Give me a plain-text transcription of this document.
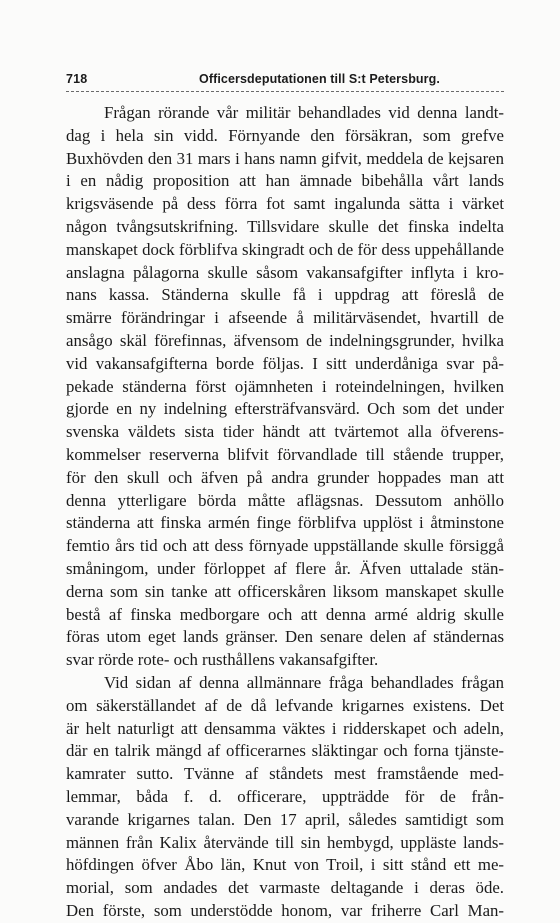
718	Officersdeputationen till S:t Petersburg.
Frågan rörande vår militär behandlades vid denna landt-
dag i hela sin vidd. Förnyande den försäkran, som grefve
Buxhövden den 31 mars i hans namn gifvit, meddela de kejsaren
i en nådig proposition att han ämnade bibehålla vårt lands
krigsväsende på dess förra fot samt ingalunda sätta i värket
någon tvångsutskrifning. Tillsvidare skulle det finska indelta
manskapet dock förblifva skingradt och de för dess uppehållande
anslagna pålagorna skulle såsom vakansafgifter inflyta i kro-
nans kassa. Ständerna skulle få i uppdrag att föreslå de
smärre förändringar i afseende å militärväsendet, hvartill de
ansågo skäl förefinnas, äfvensom de indelningsgrunder, hvilka
vid vakansafgifterna borde följas. I sitt underdåniga svar på-
pekade ständerna först ojämnheten i roteindelningen, hvilken
gjorde en ny indelning eftersträfvansvärd. Och som det under
svenska väldets sista tider händt att tvärtemot alla öfverens-
kommelser reserverna blifvit förvandlade till stående trupper,
för den skull och äfven på andra grunder hoppades man att
denna ytterligare börda måtte aflägsnas. Dessutom anhöllo
ständerna att finska armén finge förblifva upplöst i åtminstone
femtio års tid och att dess förnyade uppställande skulle försiggå
småningom, under förloppet af flere år. Äfven uttalade stän-
derna som sin tanke att officerskåren liksom manskapet skulle
bestå af finska medborgare och att denna armé aldrig skulle
föras utom eget lands gränser. Den senare delen af ständernas
svar rörde rote- och rusthållens vakansafgifter.
Vid sidan af denna allmännare fråga behandlades frågan
om säkerställandet af de då lefvande krigarnes existens. Det
är helt naturligt att densamma väktes i ridderskapet och adeln,
där en talrik mängd af officerarnes släktingar och forna tjänste-
kamrater sutto. Tvänne af ståndets mest framstående med-
lemmar, båda f. d. officerare, uppträdde för de från-
varande krigarnes talan. Den 17 april, således samtidigt som
männen från Kalix återvände till sin hembygd, uppläste lands-
höfdingen öfver Åbo län, Knut von Troil, i sitt stånd ett me-
morial, som andades det varmaste deltagande i deras öde.
Den förste, som understödde honom, var friherre Carl Man-
